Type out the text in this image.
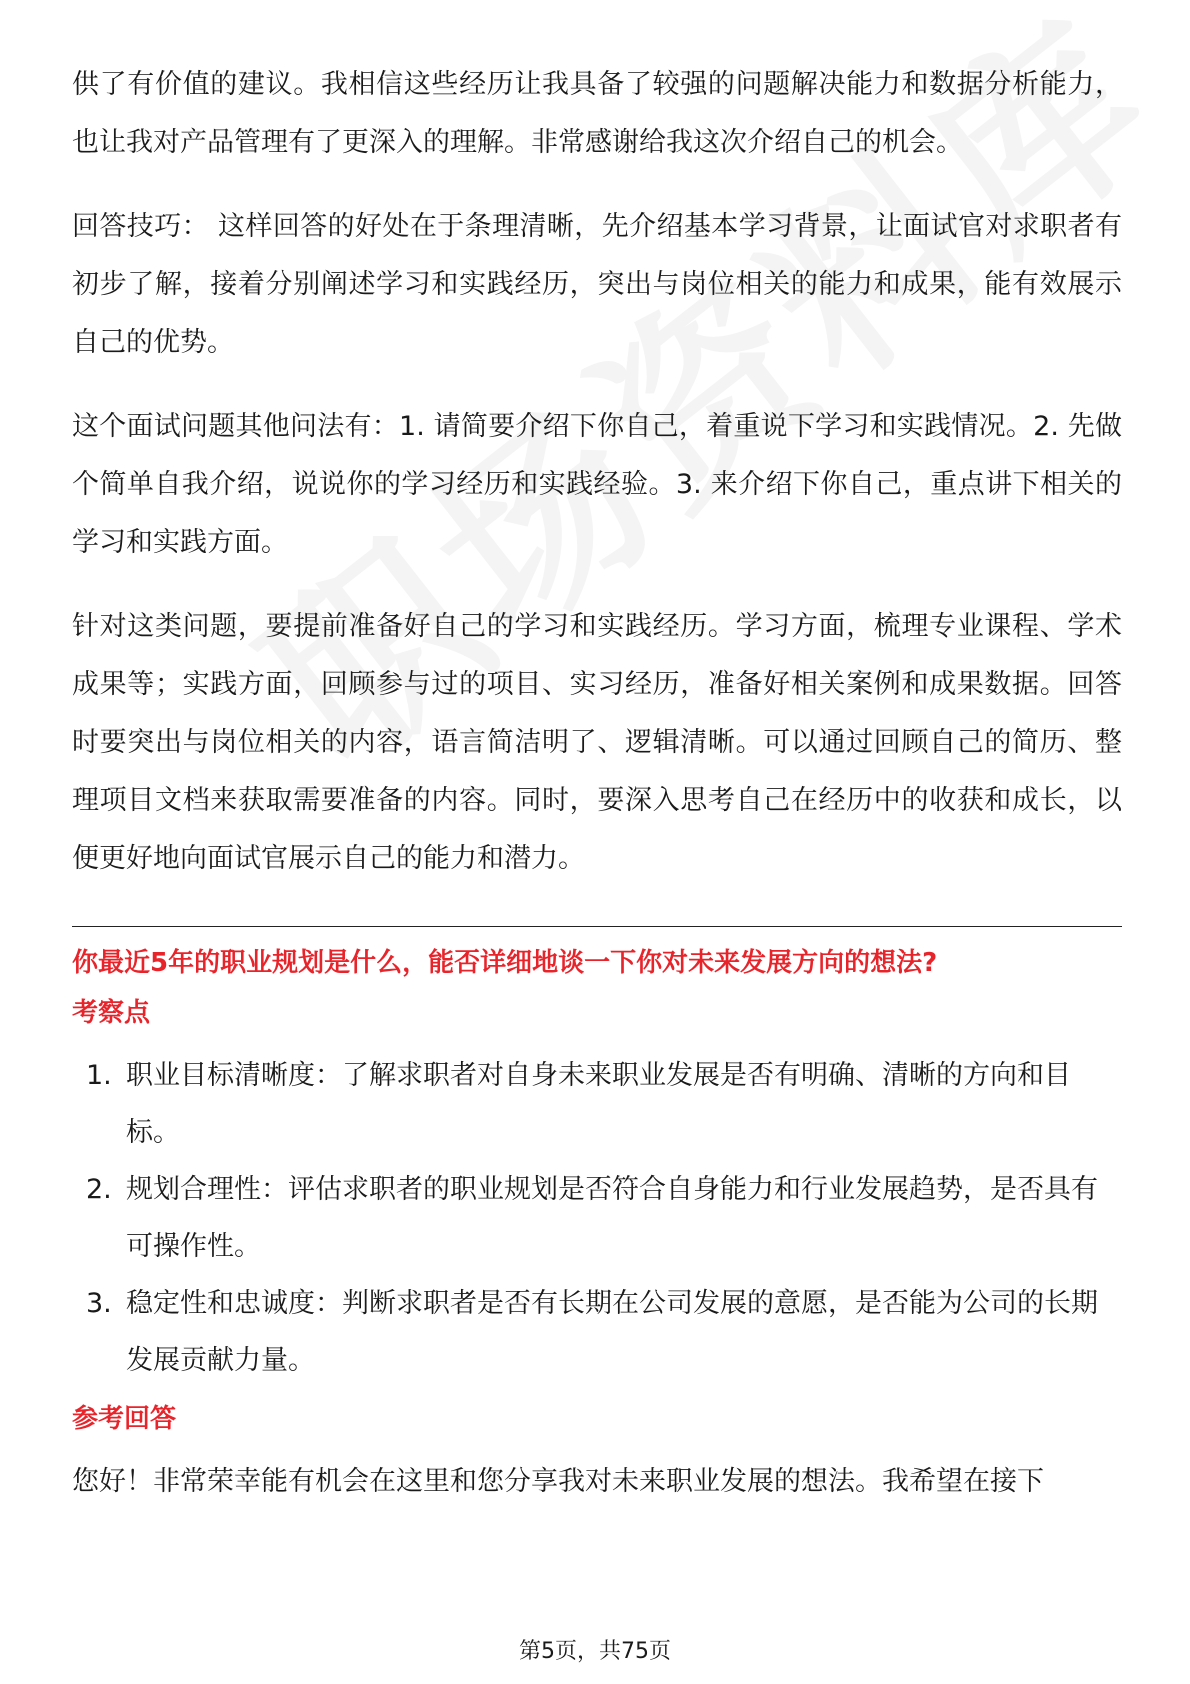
供了有价值的建议。我相信这些经历让我具备了较强的问题解决能力和数据分析能力，也让我对产品管理有了更深入的理解。非常感谢给我这次介绍自己的机会。

回答技巧： 这样回答的好处在于条理清晰，先介绍基本学习背景，让面试官对求职者有初步了解，接着分别阐述学习和实践经历，突出与岗位相关的能力和成果，能有效展示自己的优势。

这个面试问题其他问法有：1. 请简要介绍下你自己，着重说下学习和实践情况。2. 先做个简单自我介绍，说说你的学习经历和实践经验。3. 来介绍下你自己，重点讲下相关的学习和实践方面。

针对这类问题，要提前准备好自己的学习和实践经历。学习方面，梳理专业课程、学术成果等；实践方面，回顾参与过的项目、实习经历，准备好相关案例和成果数据。回答时要突出与岗位相关的内容，语言简洁明了、逻辑清晰。可以通过回顾自己的简历、整理项目文档来获取需要准备的内容。同时，要深入思考自己在经历中的收获和成长，以便更好地向面试官展示自己的能力和潜力。

你最近5年的职业规划是什么，能否详细地谈一下你对未来发展方向的想法?
考察点
1. 职业目标清晰度：了解求职者对自身未来职业发展是否有明确、清晰的方向和目标。
2. 规划合理性：评估求职者的职业规划是否符合自身能力和行业发展趋势，是否具有可操作性。
3. 稳定性和忠诚度：判断求职者是否有长期在公司发展的意愿，是否能为公司的长期发展贡献力量。
参考回答

您好！非常荣幸能有机会在这里和您分享我对未来职业发展的想法。我希望在接下

第5页，共75页
